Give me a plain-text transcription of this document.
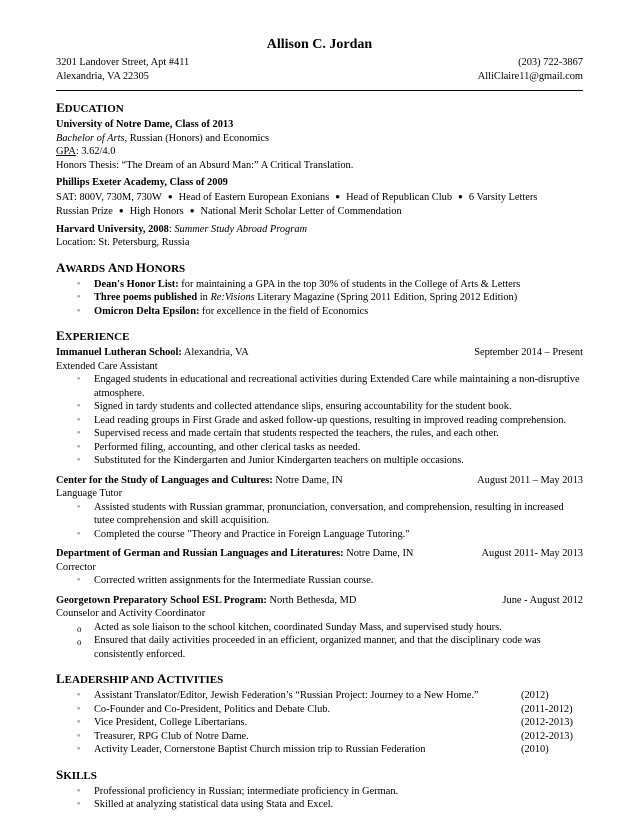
Allison C. Jordan
3201 Landover Street, Apt #411	(203) 722-3867
Alexandria, VA 22305	AlliClaire11@gmail.com
EDUCATION
University of Notre Dame, Class of 2013
Bachelor of Arts, Russian (Honors) and Economics
GPA: 3.62/4.0
Honors Thesis: “The Dream of an Absurd Man:” A Critical Translation.
Phillips Exeter Academy, Class of 2009
SAT: 800V, 730M, 730W ● Head of Eastern European Exonians ● Head of Republican Club ● 6 Varsity Letters
Russian Prize ● High Honors ● National Merit Scholar Letter of Commendation
Harvard University, 2008: Summer Study Abroad Program
Location: St. Petersburg, Russia
AWARDS AND HONORS
◦ Dean's Honor List: for maintaining a GPA in the top 30% of students in the College of Arts & Letters
◦ Three poems published in Re:Visions Literary Magazine (Spring 2011 Edition, Spring 2012 Edition)
◦ Omicron Delta Epsilon: for excellence in the field of Economics
EXPERIENCE
Immanuel Lutheran School: Alexandria, VA	September 2014 – Present
Extended Care Assistant
◦ Engaged students in educational and recreational activities during Extended Care while maintaining a non-disruptive atmosphere.
◦ Signed in tardy students and collected attendance slips, ensuring accountability for the student book.
◦ Lead reading groups in First Grade and asked follow-up questions, resulting in improved reading comprehension.
◦ Supervised recess and made certain that students respected the teachers, the rules, and each other.
◦ Performed filing, accounting, and other clerical tasks as needed.
◦ Substituted for the Kindergarten and Junior Kindergarten teachers on multiple occasions.
Center for the Study of Languages and Cultures: Notre Dame, IN	August 2011 – May 2013
Language Tutor
◦ Assisted students with Russian grammar, pronunciation, conversation, and comprehension, resulting in increased tutee comprehension and skill acquisition.
◦ Completed the course "Theory and Practice in Foreign Language Tutoring."
Department of German and Russian Languages and Literatures: Notre Dame, IN	August 2011- May 2013
Corrector
◦ Corrected written assignments for the Intermediate Russian course.
Georgetown Preparatory School ESL Program: North Bethesda, MD	June - August 2012
Counselor and Activity Coordinator
o Acted as sole liaison to the school kitchen, coordinated Sunday Mass, and supervised study hours.
o Ensured that daily activities proceeded in an efficient, organized manner, and that the disciplinary code was consistently enforced.
LEADERSHIP AND ACTIVITIES
◦ Assistant Translator/Editor, Jewish Federation’s “Russian Project: Journey to a New Home.”	(2012)
◦ Co-Founder and Co-President, Politics and Debate Club.	(2011-2012)
◦ Vice President, College Libertarians.	(2012-2013)
◦ Treasurer, RPG Club of Notre Dame.	(2012-2013)
◦ Activity Leader, Cornerstone Baptist Church mission trip to Russian Federation	(2010)
SKILLS
◦ Professional proficiency in Russian; intermediate proficiency in German.
◦ Skilled at analyzing statistical data using Stata and Excel.
